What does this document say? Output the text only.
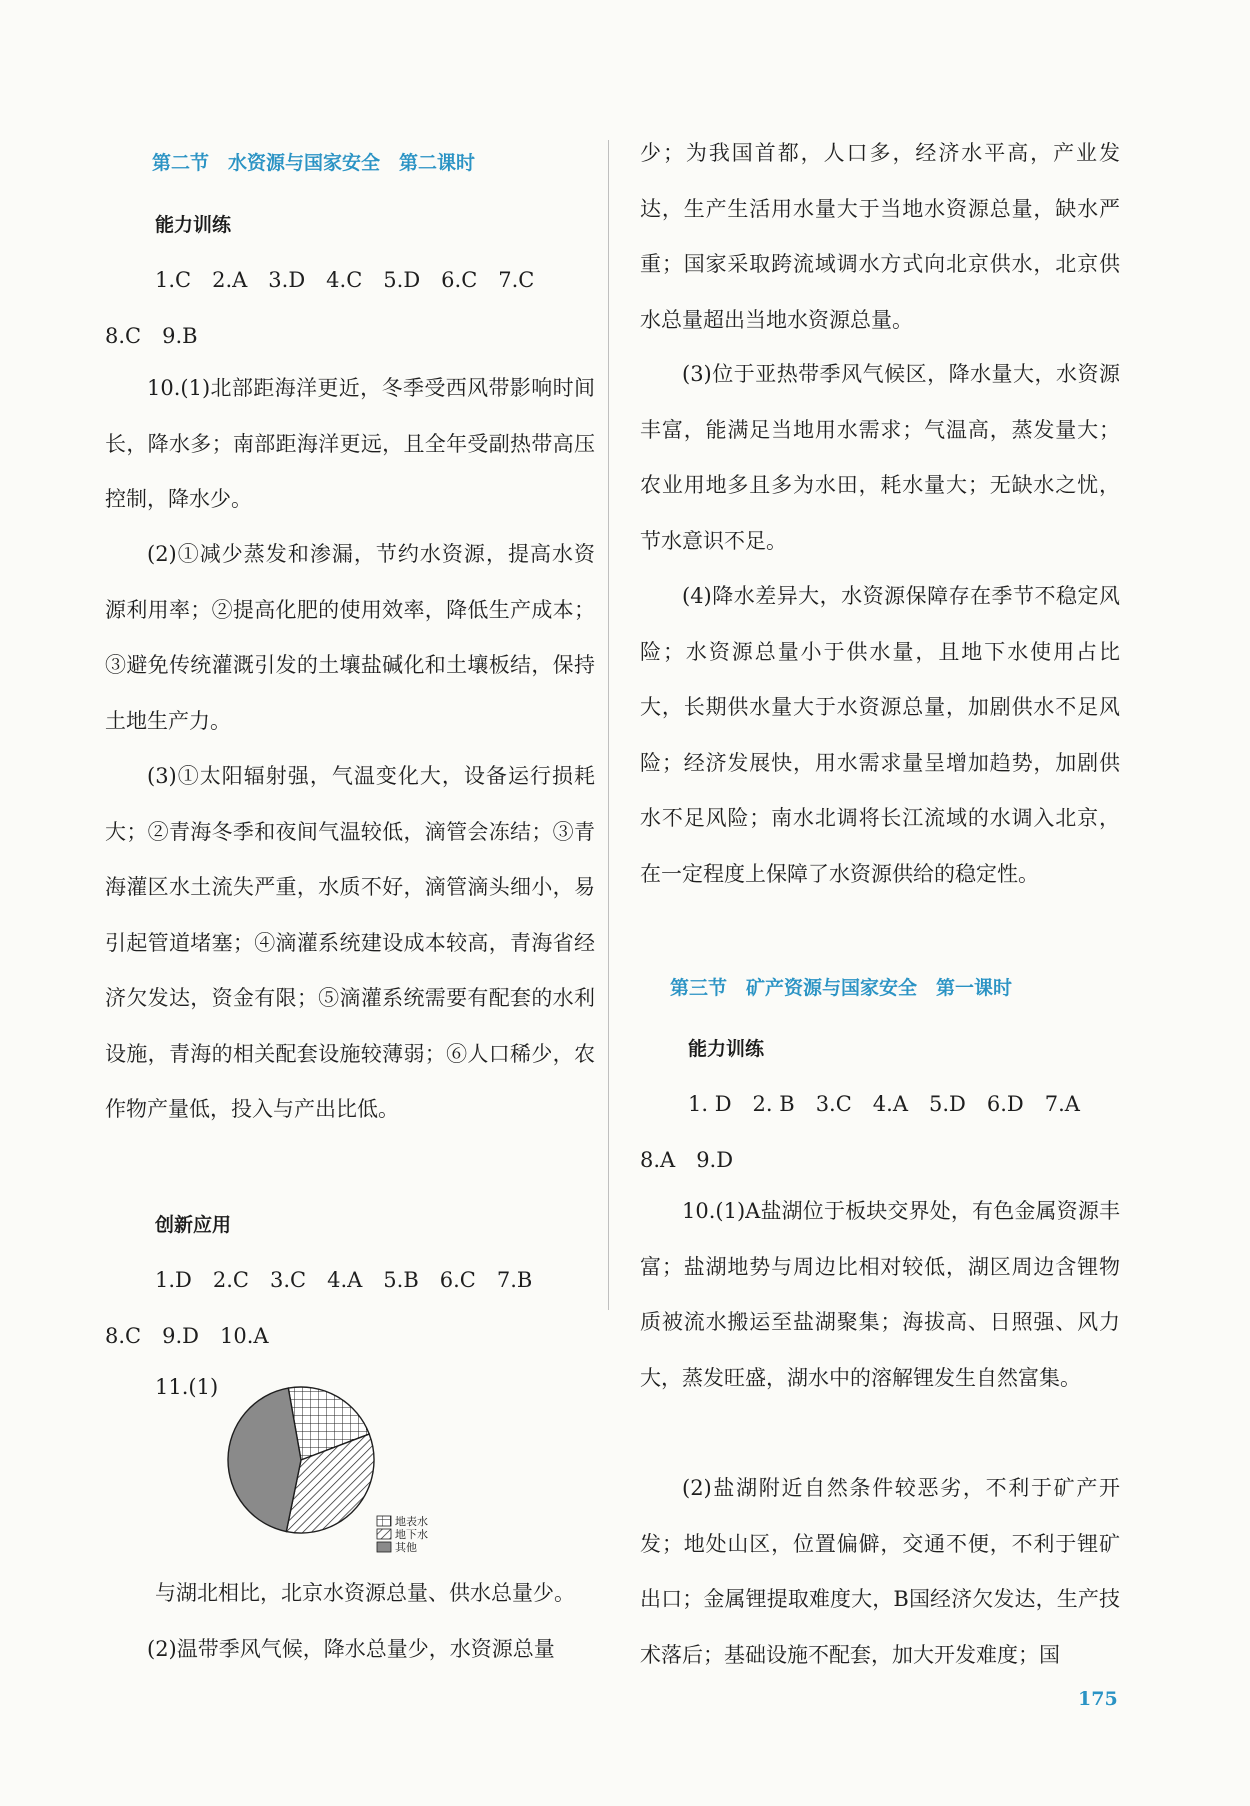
第二节　水资源与国家安全　第二课时
能力训练
1.C　2.A　3.D　4.C　5.D　6.C　7.C
8.C　9.B

10.(1)北部距海洋更近，冬季受西风带影响时间长，降水多；南部距海洋更远，且全年受副热带高压控制，降水少。

(2)①减少蒸发和渗漏，节约水资源，提高水资源利用率；②提高化肥的使用效率，降低生产成本；③避免传统灌溉引发的土壤盐碱化和土壤板结，保持土地生产力。

(3)①太阳辐射强，气温变化大，设备运行损耗大；②青海冬季和夜间气温较低，滴管会冻结；③青海灌区水土流失严重，水质不好，滴管滴头细小，易引起管道堵塞；④滴灌系统建设成本较高，青海省经济欠发达，资金有限；⑤滴灌系统需要有配套的水利设施，青海的相关配套设施较薄弱；⑥人口稀少，农作物产量低，投入与产出比低。

创新应用
1.D　2.C　3.C　4.A　5.B　6.C　7.B
8.C　9.D　10.A
11.(1)
地表水
地下水
其他

与湖北相比，北京水资源总量、供水总量少。

(2)温带季风气候，降水总量少，水资源总量

少；为我国首都，人口多，经济水平高，产业发达，生产生活用水量大于当地水资源总量，缺水严重；国家采取跨流域调水方式向北京供水，北京供水总量超出当地水资源总量。

(3)位于亚热带季风气候区，降水量大，水资源丰富，能满足当地用水需求；气温高，蒸发量大；农业用地多且多为水田，耗水量大；无缺水之忧，节水意识不足。

(4)降水差异大，水资源保障存在季节不稳定风险；水资源总量小于供水量，且地下水使用占比大，长期供水量大于水资源总量，加剧供水不足风险；经济发展快，用水需求量呈增加趋势，加剧供水不足风险；南水北调将长江流域的水调入北京，在一定程度上保障了水资源供给的稳定性。

第三节　矿产资源与国家安全　第一课时
能力训练
1. D　2. B　3.C　4.A　5.D　6.D　7.A
8.A　9.D

10.(1)A盐湖位于板块交界处，有色金属资源丰富；盐湖地势与周边比相对较低，湖区周边含锂物质被流水搬运至盐湖聚集；海拔高、日照强、风力大，蒸发旺盛，湖水中的溶解锂发生自然富集。

(2)盐湖附近自然条件较恶劣，不利于矿产开发；地处山区，位置偏僻，交通不便，不利于锂矿出口；金属锂提取难度大，B国经济欠发达，生产技术落后；基础设施不配套，加大开发难度；国

175
